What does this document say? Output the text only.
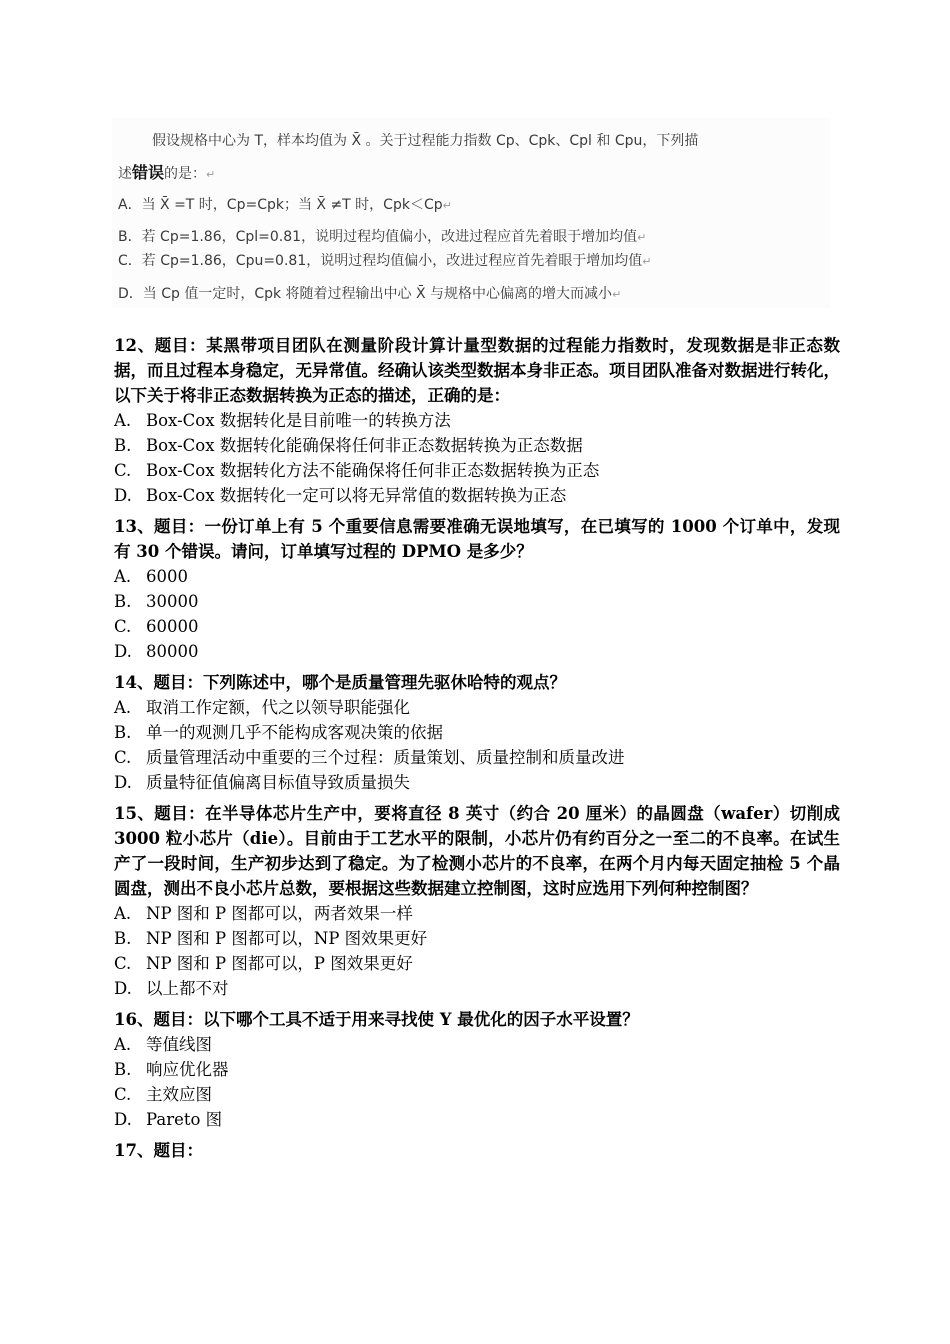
假设规格中心为 T，样本均值为 X̄ 。关于过程能力指数 Cp、Cpk、Cpl 和 Cpu，下列描
述错误的是：↵
A．当 X̄ =T 时，Cp=Cpk；当 X̄ ≠T 时，Cpk＜Cp↵
B．若 Cp=1.86，Cpl=0.81，说明过程均值偏小，改进过程应首先着眼于增加均值↵
C．若 Cp=1.86，Cpu=0.81，说明过程均值偏小，改进过程应首先着眼于增加均值↵
D．当 Cp 值一定时，Cpk 将随着过程输出中心 X̄ 与规格中心偏离的增大而减小↵
12、题目：某黑带项目团队在测量阶段计算计量型数据的过程能力指数时，发现数据是非正态数据，而且过程本身稳定，无异常值。经确认该类型数据本身非正态。项目团队准备对数据进行转化，以下关于将非正态数据转换为正态的描述，正确的是：
A. Box-Cox 数据转化是目前唯一的转换方法
B. Box-Cox 数据转化能确保将任何非正态数据转换为正态数据
C. Box-Cox 数据转化方法不能确保将任何非正态数据转换为正态
D. Box-Cox 数据转化一定可以将无异常值的数据转换为正态
13、题目：一份订单上有 5 个重要信息需要准确无误地填写，在已填写的 1000 个订单中，发现有 30 个错误。请问，订单填写过程的 DPMO 是多少？
A. 6000
B. 30000
C. 60000
D. 80000
14、题目：下列陈述中，哪个是质量管理先驱休哈特的观点？
A. 取消工作定额，代之以领导职能强化
B. 单一的观测几乎不能构成客观决策的依据
C. 质量管理活动中重要的三个过程：质量策划、质量控制和质量改进
D. 质量特征值偏离目标值导致质量损失
15、题目：在半导体芯片生产中，要将直径 8 英寸（约合 20 厘米）的晶圆盘（wafer）切削成 3000 粒小芯片（die）。目前由于工艺水平的限制，小芯片仍有约百分之一至二的不良率。在试生产了一段时间，生产初步达到了稳定。为了检测小芯片的不良率，在两个月内每天固定抽检 5 个晶圆盘，测出不良小芯片总数，要根据这些数据建立控制图，这时应选用下列何种控制图？
A. NP 图和 P 图都可以，两者效果一样
B. NP 图和 P 图都可以，NP 图效果更好
C. NP 图和 P 图都可以，P 图效果更好
D. 以上都不对
16、题目：以下哪个工具不适于用来寻找使 Y 最优化的因子水平设置？
A. 等值线图
B. 响应优化器
C. 主效应图
D. Pareto 图
17、题目：
